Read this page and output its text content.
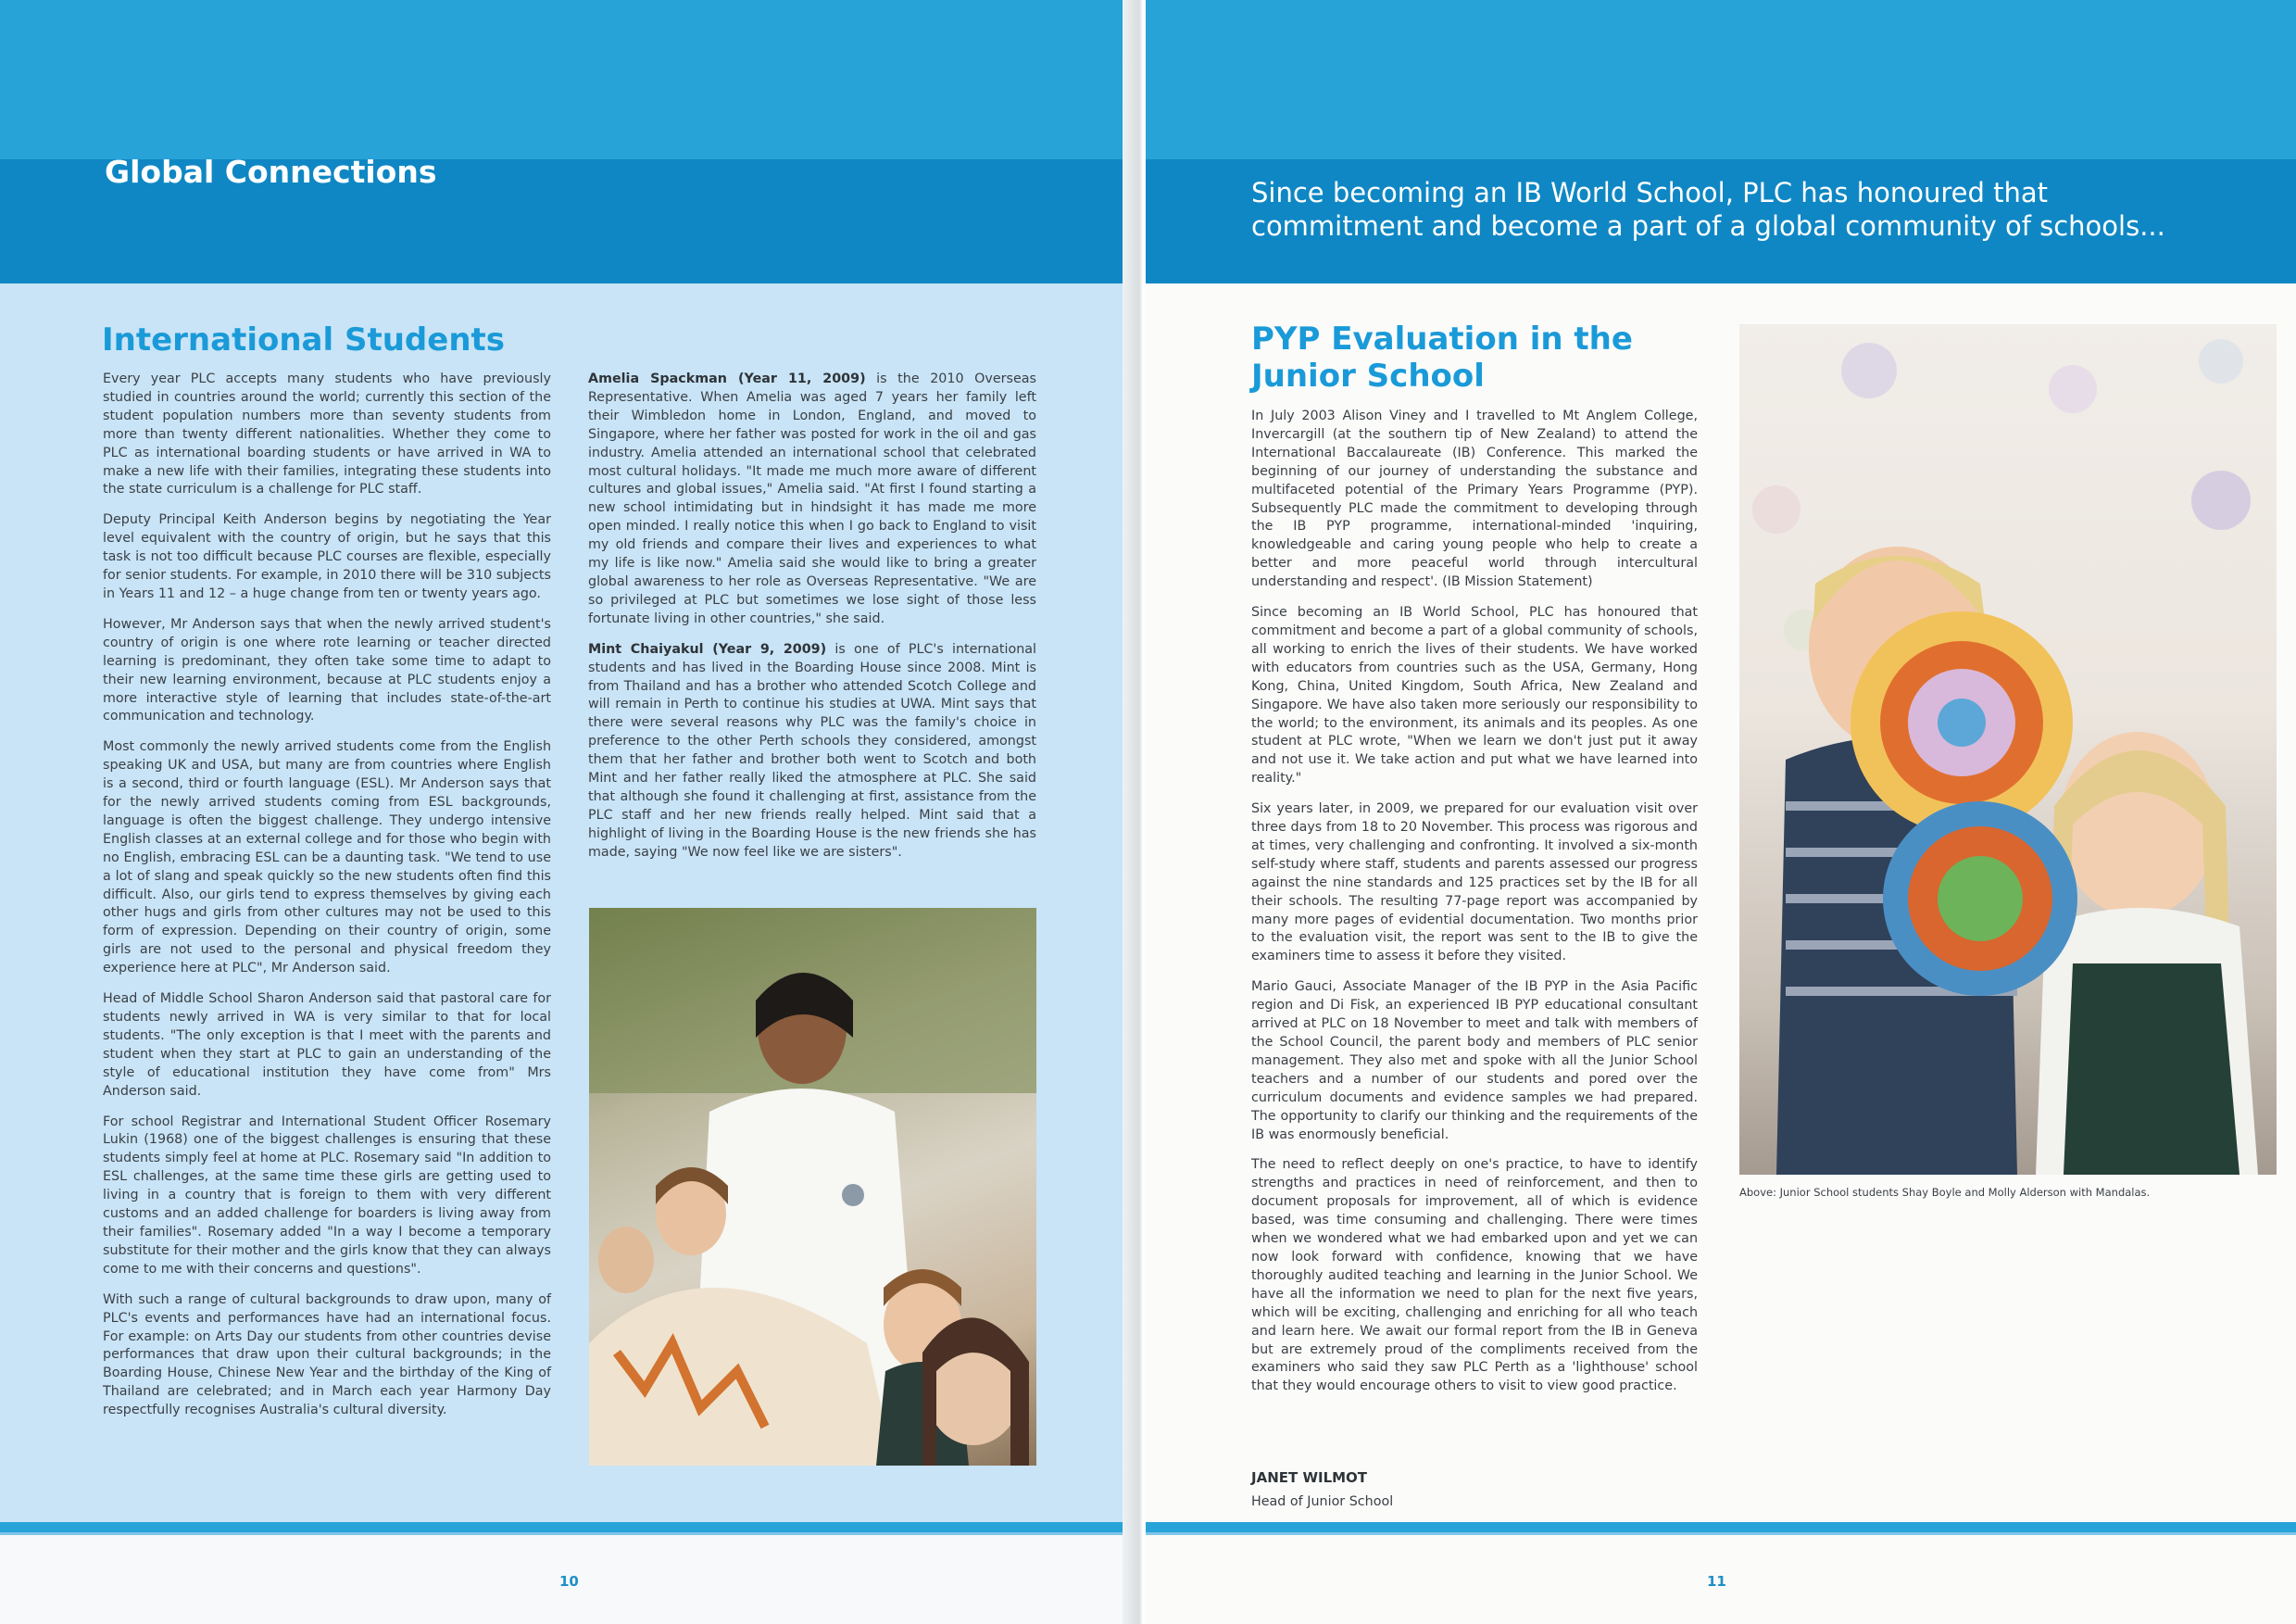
Global Connections
International Students

Every year PLC accepts many students who have previously studied in countries around the world; currently this section of the student population numbers more than seventy students from more than twenty different nationalities. Whether they come to PLC as international boarding students or have arrived in WA to make a new life with their families, integrating these students into the state curriculum is a challenge for PLC staff.

Deputy Principal Keith Anderson begins by negotiating the Year level equivalent with the country of origin, but he says that this task is not too difficult because PLC courses are flexible, especially for senior students. For example, in 2010 there will be 310 subjects in Years 11 and 12 – a huge change from ten or twenty years ago.

However, Mr Anderson says that when the newly arrived student's country of origin is one where rote learning or teacher directed learning is predominant, they often take some time to adapt to their new learning environment, because at PLC students enjoy a more interactive style of learning that includes state-of-the-art communication and technology.

Most commonly the newly arrived students come from the English speaking UK and USA, but many are from countries where English is a second, third or fourth language (ESL). Mr Anderson says that for the newly arrived students coming from ESL backgrounds, language is often the biggest challenge. They undergo intensive English classes at an external college and for those who begin with no English, embracing ESL can be a daunting task. "We tend to use a lot of slang and speak quickly so the new students often find this difficult. Also, our girls tend to express themselves by giving each other hugs and girls from other cultures may not be used to this form of expression. Depending on their country of origin, some girls are not used to the personal and physical freedom they experience here at PLC", Mr Anderson said.

Head of Middle School Sharon Anderson said that pastoral care for students newly arrived in WA is very similar to that for local students. "The only exception is that I meet with the parents and student when they start at PLC to gain an understanding of the style of educational institution they have come from" Mrs Anderson said.

For school Registrar and International Student Officer Rosemary Lukin (1968) one of the biggest challenges is ensuring that these students simply feel at home at PLC. Rosemary said "In addition to ESL challenges, at the same time these girls are getting used to living in a country that is foreign to them with very different customs and an added challenge for boarders is living away from their families". Rosemary added "In a way I become a temporary substitute for their mother and the girls know that they can always come to me with their concerns and questions".

With such a range of cultural backgrounds to draw upon, many of PLC's events and performances have had an international focus. For example: on Arts Day our students from other countries devise performances that draw upon their cultural backgrounds; in the Boarding House, Chinese New Year and the birthday of the King of Thailand are celebrated; and in March each year Harmony Day respectfully recognises Australia's cultural diversity.

Amelia Spackman (Year 11, 2009) is the 2010 Overseas Representative. When Amelia was aged 7 years her family left their Wimbledon home in London, England, and moved to Singapore, where her father was posted for work in the oil and gas industry. Amelia attended an international school that celebrated most cultural holidays. "It made me much more aware of different cultures and global issues," Amelia said. "At first I found starting a new school intimidating but in hindsight it has made me more open minded. I really notice this when I go back to England to visit my old friends and compare their lives and experiences to what my life is like now." Amelia said she would like to bring a greater global awareness to her role as Overseas Representative. "We are so privileged at PLC but sometimes we lose sight of those less fortunate living in other countries," she said.

Mint Chaiyakul (Year 9, 2009) is one of PLC's international students and has lived in the Boarding House since 2008. Mint is from Thailand and has a brother who attended Scotch College and will remain in Perth to continue his studies at UWA. Mint says that there were several reasons why PLC was the family's choice in preference to the other Perth schools they considered, amongst them that her father and brother both went to Scotch and both Mint and her father really liked the atmosphere at PLC. She said that although she found it challenging at first, assistance from the PLC staff and her new friends really helped. Mint said that a highlight of living in the Boarding House is the new friends she has made, saying "We now feel like we are sisters".

10

Since becoming an IB World School, PLC has honoured that commitment and become a part of a global community of schools...

PYP Evaluation in the Junior School

In July 2003 Alison Viney and I travelled to Mt Anglem College, Invercargill (at the southern tip of New Zealand) to attend the International Baccalaureate (IB) Conference. This marked the beginning of our journey of understanding the substance and multifaceted potential of the Primary Years Programme (PYP). Subsequently PLC made the commitment to developing through the IB PYP programme, international-minded 'inquiring, knowledgeable and caring young people who help to create a better and more peaceful world through intercultural understanding and respect'. (IB Mission Statement)

Since becoming an IB World School, PLC has honoured that commitment and become a part of a global community of schools, all working to enrich the lives of their students. We have worked with educators from countries such as the USA, Germany, Hong Kong, China, United Kingdom, South Africa, New Zealand and Singapore. We have also taken more seriously our responsibility to the world; to the environment, its animals and its peoples. As one student at PLC wrote, "When we learn we don't just put it away and not use it. We take action and put what we have learned into reality."

Six years later, in 2009, we prepared for our evaluation visit over three days from 18 to 20 November. This process was rigorous and at times, very challenging and confronting. It involved a six-month self-study where staff, students and parents assessed our progress against the nine standards and 125 practices set by the IB for all their schools. The resulting 77-page report was accompanied by many more pages of evidential documentation. Two months prior to the evaluation visit, the report was sent to the IB to give the examiners time to assess it before they visited.

Mario Gauci, Associate Manager of the IB PYP in the Asia Pacific region and Di Fisk, an experienced IB PYP educational consultant arrived at PLC on 18 November to meet and talk with members of the School Council, the parent body and members of PLC senior management. They also met and spoke with all the Junior School teachers and a number of our students and pored over the curriculum documents and evidence samples we had prepared. The opportunity to clarify our thinking and the requirements of the IB was enormously beneficial.

The need to reflect deeply on one's practice, to have to identify strengths and practices in need of reinforcement, and then to document proposals for improvement, all of which is evidence based, was time consuming and challenging. There were times when we wondered what we had embarked upon and yet we can now look forward with confidence, knowing that we have thoroughly audited teaching and learning in the Junior School. We have all the information we need to plan for the next five years, which will be exciting, challenging and enriching for all who teach and learn here. We await our formal report from the IB in Geneva but are extremely proud of the compliments received from the examiners who said they saw PLC Perth as a 'lighthouse' school that they would encourage others to visit to view good practice.

JANET WILMOT

Head of Junior School

Above: Junior School students Shay Boyle and Molly Alderson with Mandalas.

11
